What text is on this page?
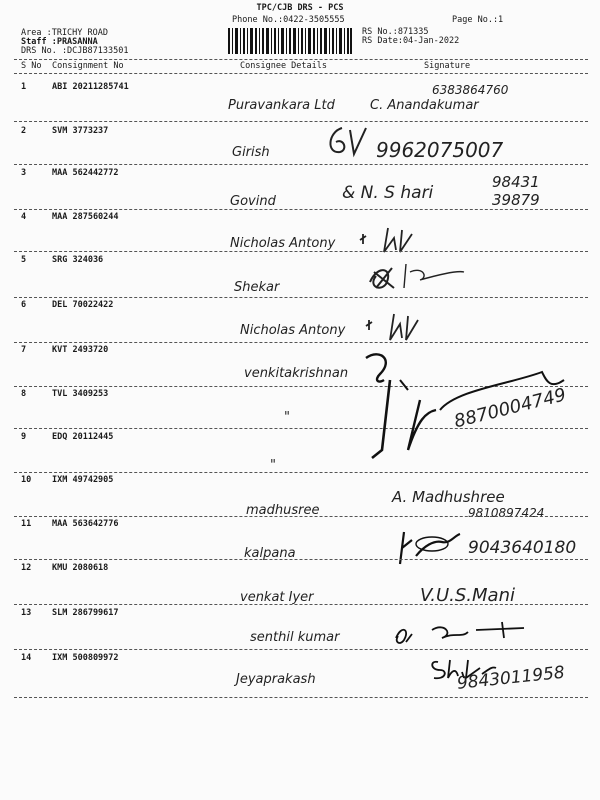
TPC/CJB DRS - PCS
Phone No.:0422-3505555	Page No.:1
Area :TRICHY ROAD
Staff :PRASANNA
DRS No. :DCJB87133501
RS No.:871335
RS Date:04-Jan-2022
S No Consignment No	Consignee Details	Signature
1	ABI 20211285741
Puravankara Ltd	C. Anandakumar
6383864760
2	SVM 3773237
Girish	9962075007
3	MAA 562442772
Govind	& N. S hari
98431 39879
4	MAA 287560244
Nicholas Antony
5	SRG 324036
Shekar
6	DEL 70022422
Nicholas Antony
7	KVT 2493720
venkitakrishnan
8	TVL 3409253
"	8870004749
9	EDQ 20112445
"
10 IXM 49742905
madhusree
A. Madhushree
9810897424
11 MAA 563642776
kalpana	9043640180
12 KMU 2080618
venkat Iyer	V.U.S.Mani
13 SLM 286799617
senthil kumar
14 IXM 500809972
Jeyaprakash	9843011958
